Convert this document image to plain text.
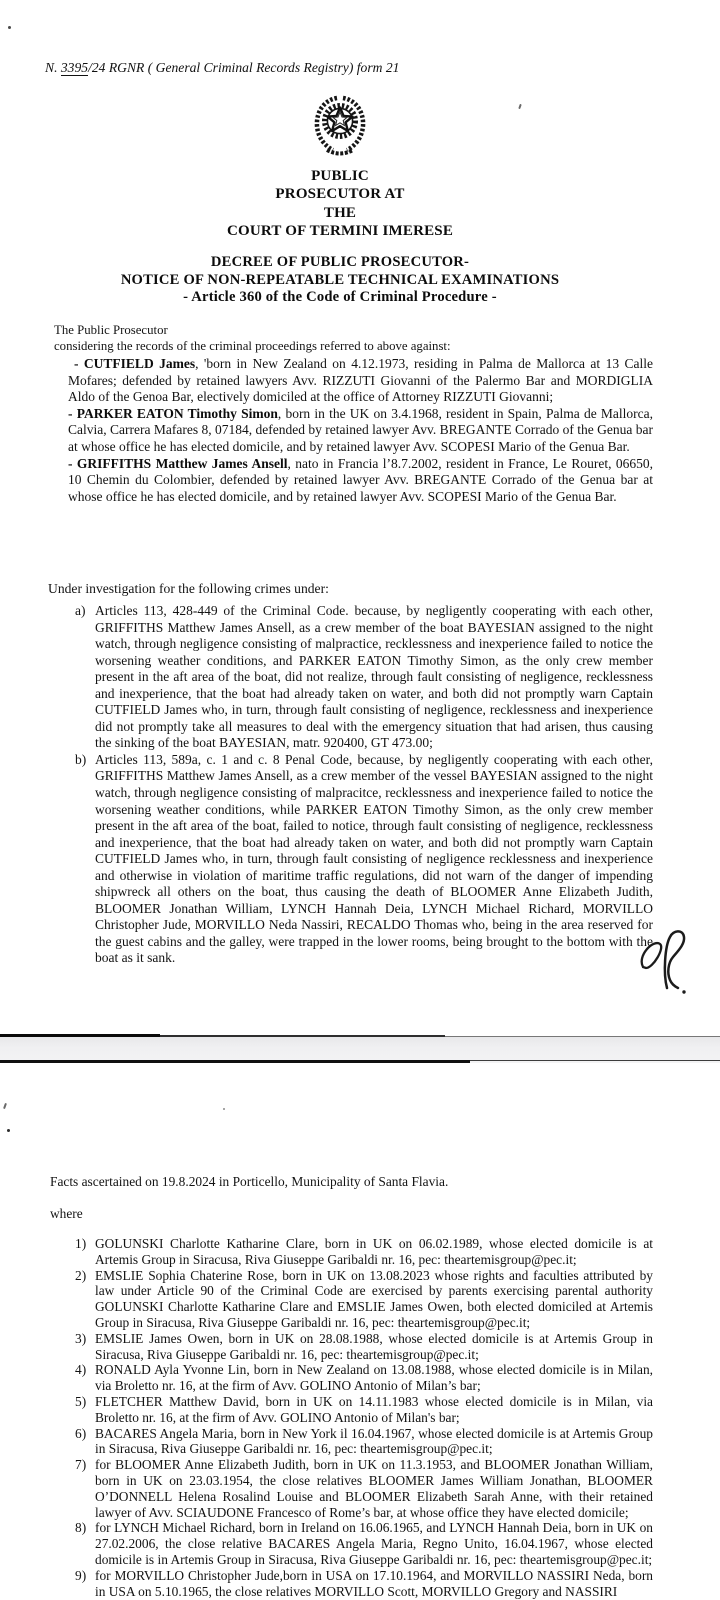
N. 3395/24 RGNR ( General Criminal Records Registry) form 21
PUBLIC
PROSECUTOR AT
THE
COURT OF TERMINI IMERESE
DECREE OF PUBLIC PROSECUTOR-
NOTICE OF NON-REPEATABLE TECHNICAL EXAMINATIONS
- Article 360 of the Code of Criminal Procedure -
The Public Prosecutor
considering the records of the criminal proceedings referred to above against:

- CUTFIELD James, 'born in New Zealand on 4.12.1973, residing in Palma de Mallorca at 13 Calle Mofares; defended by retained lawyers Avv. RIZZUTI Giovanni of the Palermo Bar and MORDIGLIA Aldo of the Genoa Bar, electively domiciled at the office of Attorney RIZZUTI Giovanni;

- PARKER EATON Timothy Simon, born in the UK on 3.4.1968, resident in Spain, Palma de Mallorca, Calvia, Carrera Mafares 8, 07184, defended by retained lawyer Avv. BREGANTE Corrado of the Genua bar at whose office he has elected domicile, and by retained lawyer Avv. SCOPESI Mario of the Genua Bar.

- GRIFFITHS Matthew James Ansell, nato in Francia l’8.7.2002, resident in France, Le Rouret, 06650, 10 Chemin du Colombier, defended by retained lawyer Avv. BREGANTE Corrado of the Genua bar at whose office he has elected domicile, and by retained lawyer Avv. SCOPESI Mario of the Genua Bar.

Under investigation for the following crimes under:
a) Articles 113, 428-449 of the Criminal Code. because, by negligently cooperating with each other, GRIFFITHS Matthew James Ansell, as a crew member of the boat BAYESIAN assigned to the night watch, through negligence consisting of malpractice, recklessness and inexperience failed to notice the worsening weather conditions, and PARKER EATON Timothy Simon, as the only crew member present in the aft area of the boat, did not realize, through fault consisting of negligence, recklessness and inexperience, that the boat had already taken on water, and both did not promptly warn Captain CUTFIELD James who, in turn, through fault consisting of negligence, recklessness and inexperience did not promptly take all measures to deal with the emergency situation that had arisen, thus causing the sinking of the boat BAYESIAN, matr. 920400, GT 473.00;
b) Articles 113, 589a, c. 1 and c. 8 Penal Code, because, by negligently cooperating with each other, GRIFFITHS Matthew James Ansell, as a crew member of the vessel BAYESIAN assigned to the night watch, through negligence consisting of malpracitce, recklessness and inexperience failed to notice the worsening weather conditions, while PARKER EATON Timothy Simon, as the only crew member present in the aft area of the boat, failed to notice, through fault consisting of negligence, recklessness and inexperience, that the boat had already taken on water, and both did not promptly warn Captain CUTFIELD James who, in turn, through fault consisting of negligence recklessness and inexperience and otherwise in violation of maritime traffic regulations, did not warn of the danger of impending shipwreck all others on the boat, thus causing the death of BLOOMER Anne Elizabeth Judith, BLOOMER Jonathan William, LYNCH Hannah Deia, LYNCH Michael Richard, MORVILLO Christopher Jude, MORVILLO Neda Nassiri, RECALDO Thomas who, being in the area reserved for the guest cabins and the galley, were trapped in the lower rooms, being brought to the bottom with the boat as it sank.
Facts ascertained on 19.8.2024 in Porticello, Municipality of Santa Flavia.
where
1) GOLUNSKI Charlotte Katharine Clare, born in UK on 06.02.1989, whose elected domicile is at Artemis Group in Siracusa, Riva Giuseppe Garibaldi nr. 16, pec: theartemisgroup@pec.it;
2) EMSLIE Sophia Chaterine Rose, born in UK on 13.08.2023 whose rights and faculties attributed by law under Article 90 of the Criminal Code are exercised by parents exercising parental authority GOLUNSKI Charlotte Katharine Clare and EMSLIE James Owen, both elected domiciled at Artemis Group in Siracusa, Riva Giuseppe Garibaldi nr. 16, pec: theartemisgroup@pec.it;
3) EMSLIE James Owen, born in UK on 28.08.1988, whose elected domicile is at Artemis Group in Siracusa, Riva Giuseppe Garibaldi nr. 16, pec: theartemisgroup@pec.it;
4) RONALD Ayla Yvonne Lin, born in New Zealand on 13.08.1988, whose elected domicile is in Milan, via Broletto nr. 16, at the firm of Avv. GOLINO Antonio of Milan’s bar;
5) FLETCHER Matthew David, born in UK on 14.11.1983 whose elected domicile is in Milan, via Broletto nr. 16, at the firm of Avv. GOLINO Antonio of Milan's bar;
6) BACARES Angela Maria, born in New York il 16.04.1967, whose elected domicile is at Artemis Group in Siracusa, Riva Giuseppe Garibaldi nr. 16, pec: theartemisgroup@pec.it;
7) for BLOOMER Anne Elizabeth Judith, born in UK on 11.3.1953, and BLOOMER Jonathan William, born in UK on 23.03.1954, the close relatives BLOOMER James William Jonathan, BLOOMER O’DONNELL Helena Rosalind Louise and BLOOMER Elizabeth Sarah Anne, with their retained lawyer of Avv. SCIAUDONE Francesco of Rome’s bar, at whose office they have elected domicile;
8) for LYNCH Michael Richard, born in Ireland on 16.06.1965, and LYNCH Hannah Deia, born in UK on 27.02.2006, the close relative BACARES Angela Maria, Regno Unito, 16.04.1967, whose elected domicile is in Artemis Group in Siracusa, Riva Giuseppe Garibaldi nr. 16, pec: theartemisgroup@pec.it;
9) for MORVILLO Christopher Jude,born in USA on 17.10.1964, and MORVILLO NASSIRI Neda, born in USA on 5.10.1965, the close relatives MORVILLO Scott, MORVILLO Gregory and NASSIRI
